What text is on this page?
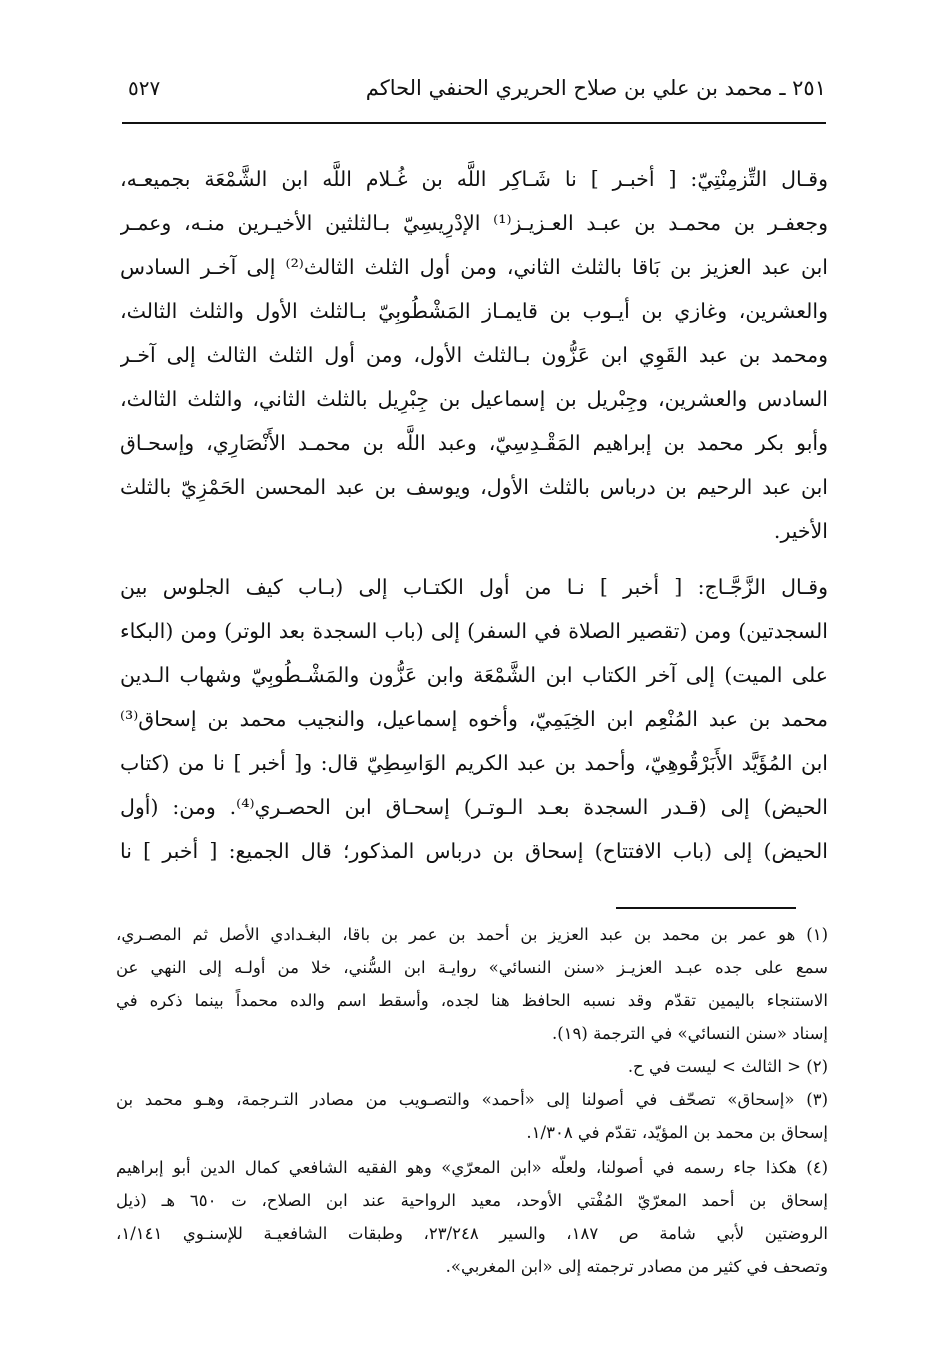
٢٥١ ـ محمد بن علي بن صلاح الحريري الحنفي الحاكم
٥٢٧
وقـال التِّزمِنْتِيّ: [ أخبـر ] نا شَـاكِر اللَّه بن غُـلام اللَّه ابن الشَّمْعَة بجميعـه،
وجعفـر بن محمـد بن عبـد العـزيـز⁽¹⁾ الإدْرِيسِيّ بـالثلثين الأخيـرين منـه، وعمـر
ابن عبد العزيز بن بَاقا بالثلث الثاني، ومن أول الثلث الثالث⁽²⁾ إلى آخـر السادس
والعشرين، وغازي بن أيـوب بن قايمـاز المَشْطُوبِيّ بـالثلث الأول والثلث الثالث،
ومحمد بن عبد القَوِي ابن عَزُّون بـالثلث الأول، ومن أول الثلث الثالث إلى آخـر
السادس والعشرين، وجِبْريل بن إسماعيل بن جِبْرِيل بالثلث الثاني، والثلث الثالث،
وأبو بكر محمد بن إبراهيم المَقْـدِسِيّ، وعبد اللَّه بن محمـد الأَنْصَارِي، وإسحـاق
ابن عبد الرحيم بن درباس بالثلث الأول، ويوسف بن عبد المحسن الحَمْزِيّ بالثلث
الأخير.
وقـال الزَّجَّـاج: [ أخبر ] نـا من أول الكتـاب إلى (بـاب كيف الجلوس بين
السجدتين) ومن (تقصير الصلاة في السفر) إلى (باب السجدة بعد الوتر) ومن (البكاء
على الميت) إلى آخر الكتاب ابن الشَّمْعَة وابن عَزُّون والمَشْـطُوبِيّ وشهاب الـدين
محمد بن عبد المُنْعِم ابن الخِيَمِيّ، وأخوه إسماعيل، والنجيب محمد بن إسحاق⁽³⁾
ابن المُؤَيَّد الأَبَرْقُوهِيّ، وأحمد بن عبد الكريم الوَاسِطِيّ قال: و[ أخبر ] نا من (كتاب
الحيض) إلى (قـدر السجدة بعـد الـوتـر) إسحـاق ابن الحصـري⁽⁴⁾. ومن: (أول
الحيض) إلى (باب الافتتاح) إسحاق بن درباس المذكور؛ قال الجميع: [ أخبر ] نا
(١) هو عمر بن محمد بن عبد العزيز بن أحمد بن عمر بن باقا، البغـدادي الأصل ثم المصـري،
سمع على جده عبـد العزيـز «سنن النسائي» روايـة ابن السُّني، خلا من أولـه إلى النهي عن
الاستنجاء باليمين تقدّم وقد نسبه الحافظ هنا لجده، وأسقط اسم والده محمداً بينما ذكره في
إسناد «سنن النسائي» في الترجمة (١٩).
(٢) < الثالث > ليست في ح.
(٣) «إسحاق» تصحّف في أصولنا إلى «أحمد» والتصـويب من مصادر التـرجمة، وهـو محمد بن
إسحاق بن محمد بن المؤيّد، تقدّم في ١/٣٠٨.
(٤) هكذا جاء رسمه في أصولنا، ولعلّه «ابن المعرّي» وهو الفقيه الشافعي كمال الدين أبو إبراهيم
إسحاق بن أحمد المعرّيّ المُفْتي الأوحد، معيد الرواحية عند ابن الصلاح، ت ٦٥٠ هـ (ذيل
الروضتين لأبي شامة ص ١٨٧، والسير ٢٣/٢٤٨، وطبقات الشافعيـة للإسنـوي ١/١٤١،
وتصحف في كثير من مصادر ترجمته إلى «ابن المغربي».
